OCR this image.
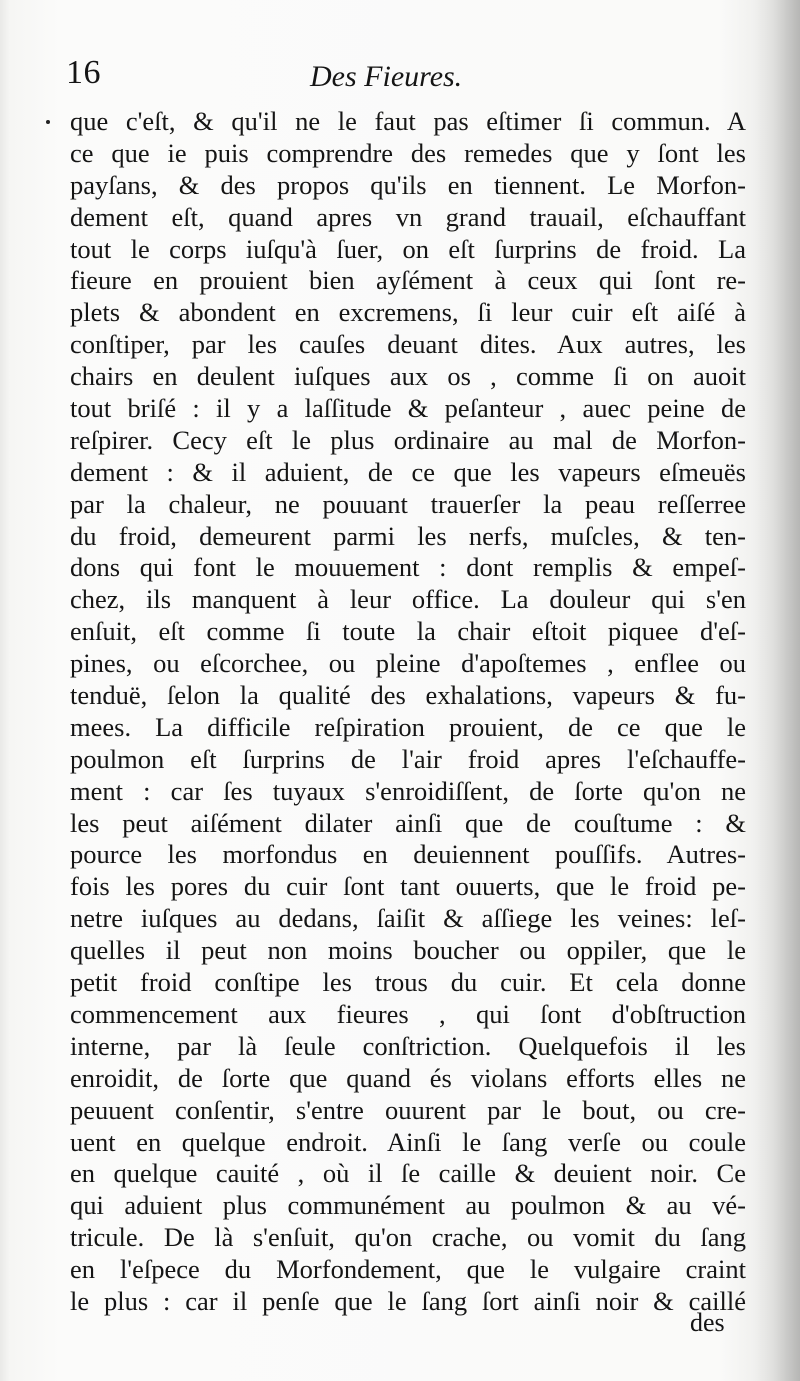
16	Des Fieures.
que c'eſt, & qu'il ne le faut pas eſtimer ſi commun. A
ce que ie puis comprendre des remedes que y ſont les
payſans, & des propos qu'ils en tiennent. Le Morfon-
dement eſt, quand apres vn grand trauail, eſchauffant
tout le corps iuſqu'à ſuer, on eſt ſurprins de froid. La
fieure en prouient bien ayſément à ceux qui ſont re-
plets & abondent en excremens, ſi leur cuir eſt aiſé à
conſtiper, par les cauſes deuant dites. Aux autres, les
chairs en deulent iuſques aux os , comme ſi on auoit
tout briſé : il y a laſſitude & peſanteur , auec peine de
reſpirer. Cecy eſt le plus ordinaire au mal de Morfon-
dement : & il aduient, de ce que les vapeurs eſmeuës
par la chaleur, ne pouuant trauerſer la peau reſſerree
du froid, demeurent parmi les nerfs, muſcles, & ten-
dons qui font le mouuement : dont remplis & empeſ-
chez, ils manquent à leur office. La douleur qui s'en
enſuit, eſt comme ſi toute la chair eſtoit piquee d'eſ-
pines, ou eſcorchee, ou pleine d'apoſtemes , enflee ou
tenduë, ſelon la qualité des exhalations, vapeurs & fu-
mees. La difficile reſpiration prouient, de ce que le
poulmon eſt ſurprins de l'air froid apres l'eſchauffe-
ment : car ſes tuyaux s'enroidiſſent, de ſorte qu'on ne
les peut aiſément dilater ainſi que de couſtume : &
pource les morfondus en deuiennent pouſſifs. Autres-
fois les pores du cuir ſont tant ouuerts, que le froid pe-
netre iuſques au dedans, ſaiſit & aſſiege les veines: leſ-
quelles il peut non moins boucher ou oppiler, que le
petit froid conſtipe les trous du cuir. Et cela donne
commencement aux fieures , qui ſont d'obſtruction
interne, par là ſeule conſtriction. Quelquefois il les
enroidit, de ſorte que quand és violans efforts elles ne
peuuent conſentir, s'entre ouurent par le bout, ou cre-
uent en quelque endroit. Ainſi le ſang verſe ou coule
en quelque cauité , où il ſe caille & deuient noir. Ce
qui aduient plus communément au poulmon & au vé-
tricule. De là s'enſuit, qu'on crache, ou vomit du ſang
en l'eſpece du Morfondement, que le vulgaire craint
le plus : car il penſe que le ſang ſort ainſi noir & caillé
des
